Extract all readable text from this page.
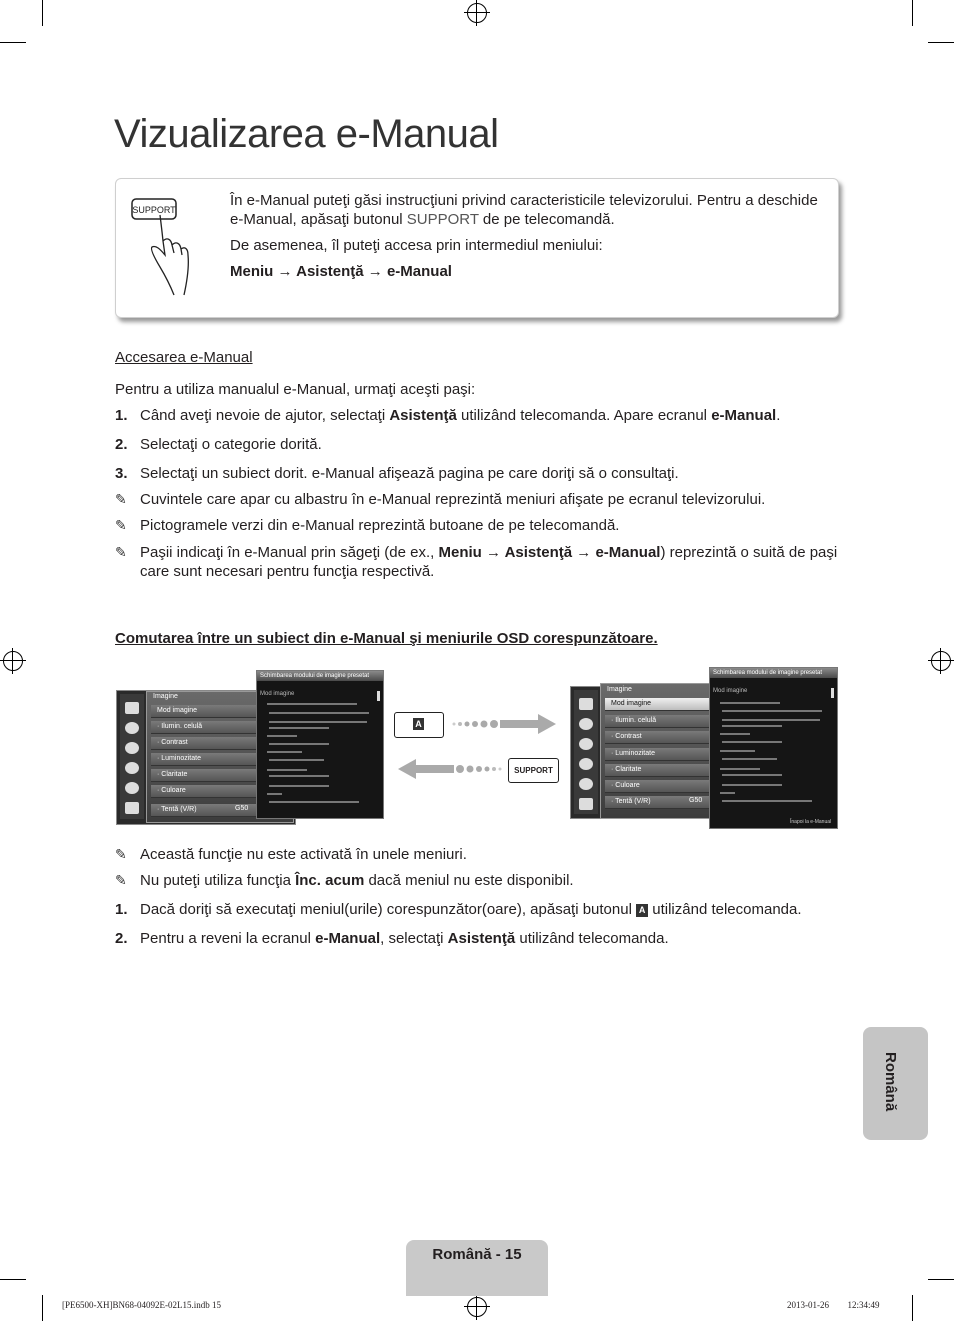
Vizualizarea e-Manual
SUPPORT

În e-Manual puteţi găsi instrucţiuni privind caracteristicile televizorului. Pentru a deschide e-Manual, apăsaţi butonul SUPPORT de pe telecomandă.

De asemenea, îl puteţi accesa prin intermediul meniului:

Meniu → Asistenţă → e-Manual

Accesarea e-Manual
Pentru a utiliza manualul e-Manual, urmaţi aceşti paşi:
1. Când aveţi nevoie de ajutor, selectaţi Asistenţă utilizând telecomanda. Apare ecranul e-Manual.
2. Selectaţi o categorie dorită.
3. Selectaţi un subiect dorit. e-Manual afişează pagina pe care doriţi să o consultaţi.
✎ Cuvintele care apar cu albastru în e-Manual reprezintă meniuri afişate pe ecranul televizorului.
✎ Pictogramele verzi din e-Manual reprezintă butoane de pe telecomandă.
✎ Paşii indicaţi în e-Manual prin săgeţi (de ex., Meniu → Asistenţă → e-Manual) reprezintă o suită de paşi care sunt necesari pentru funcţia respectivă.
Comutarea între un subiect din e-Manual şi meniurile OSD corespunzătoare.
Imagine
Mod imagine
· Ilumin. celulă
· Contrast
· Luminozitate
· Claritate
· Culoare
· Tentă (V/R)	G50
Schimbarea modului de imagine presetat
Mod imagine
A
SUPPORT
Imagine
Mod imagine
· Ilumin. celulă
· Contrast
· Luminozitate
· Claritate
· Culoare
· Tentă (V/R)	G50
Schimbarea modului de imagine presetat
Mod imagine
Înapoi la e-Manual
✎ Această funcţie nu este activată în unele meniuri.
✎ Nu puteţi utiliza funcţia Înc. acum dacă meniul nu este disponibil.
1. Dacă doriţi să executaţi meniul(urile) corespunzător(oare), apăsaţi butonul A utilizând telecomanda.
2. Pentru a reveni la ecranul e-Manual, selectaţi Asistenţă utilizând telecomanda.
Română
Română - 15
[PE6500-XH]BN68-04092E-02L15.indb 15	2013-01-26 ￿￿ 12:34:49
